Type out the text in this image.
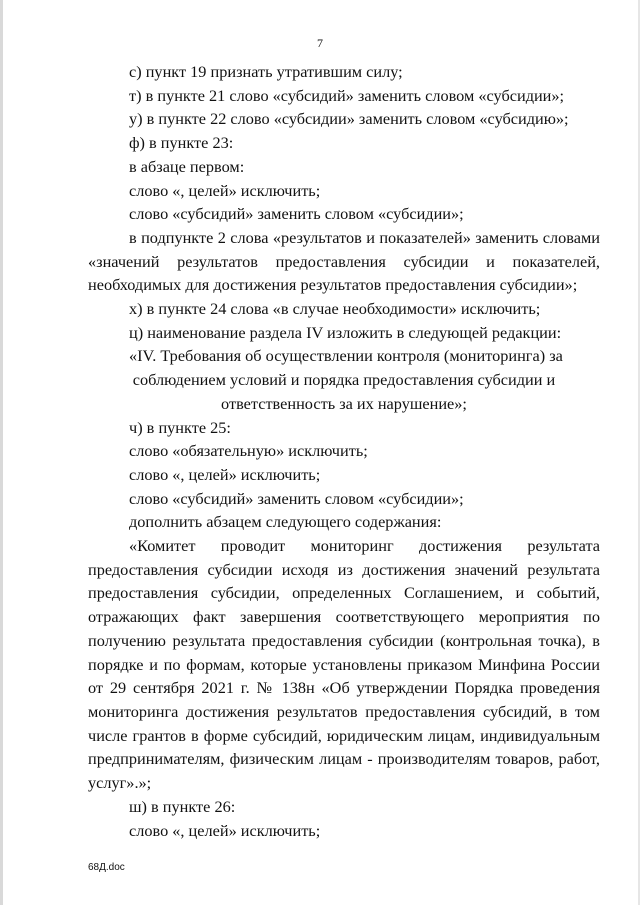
7

с) пункт 19 признать утратившим силу;

т) в пункте 21 слово «субсидий» заменить словом «субсидии»;

у) в пункте 22 слово «субсидии» заменить словом «субсидию»;

ф) в пункте 23:

в абзаце первом:

слово «, целей» исключить;

слово «субсидий» заменить словом «субсидии»;

в подпункте 2 слова «результатов и показателей» заменить словами «значений результатов предоставления субсидии и показателей, необходимых для достижения результатов предоставления субсидии»;

х) в пункте 24 слова «в случае необходимости» исключить;

ц) наименование раздела IV изложить в следующей редакции:

«IV. Требования об осуществлении контроля (мониторинга) за
соблюдением условий и порядка предоставления субсидии и
ответственность за их нарушение»;

ч) в пункте 25:

слово «обязательную» исключить;

слово «, целей» исключить;

слово «субсидий» заменить словом «субсидии»;

дополнить абзацем следующего содержания:

«Комитет проводит мониторинг достижения результата предоставления субсидии исходя из достижения значений результата предоставления субсидии, определенных Соглашением, и событий, отражающих факт завершения соответствующего мероприятия по получению результата предоставления субсидии (контрольная точка), в порядке и по формам, которые установлены приказом Минфина России от 29 сентября 2021 г. № 138н «Об утверждении Порядка проведения мониторинга достижения результатов предоставления субсидий, в том числе грантов в форме субсидий, юридическим лицам, индивидуальным предпринимателям, физическим лицам - производителям товаров, работ, услуг».»;

ш) в пункте 26:

слово «, целей» исключить;

68Д.doc
